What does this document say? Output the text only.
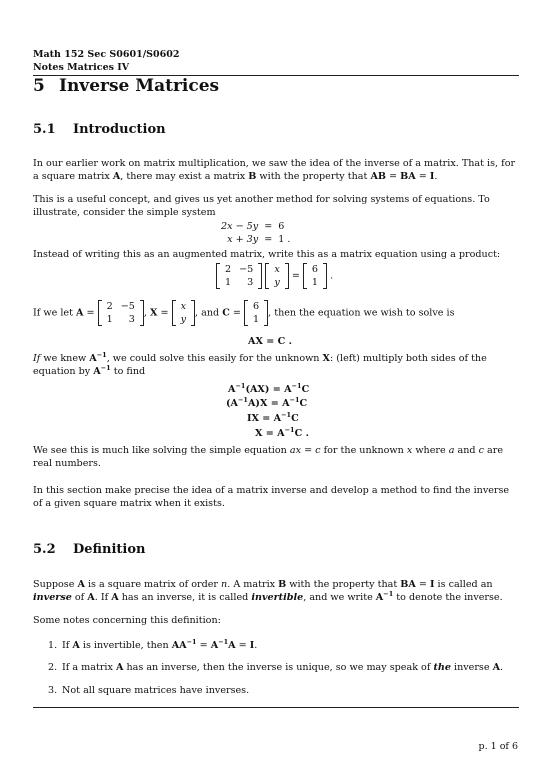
Math 152 Sec S0601/S0602
Notes Matrices IV
5 Inverse Matrices
5.1 Introduction
In our earlier work on matrix multiplication, we saw the idea of the inverse of a matrix. That is, for a square matrix A, there may exist a matrix B with the property that AB = BA = I.
This is a useful concept, and gives us yet another method for solving systems of equations. To illustrate, consider the simple system
2x − 5y	=	6
x + 3y	=	1 .
Instead of writing this as an augmented matrix, write this as a matrix equation using a product:
2	−5
1	3

x
y
=
6
1
.
If we let A =
2	−5
1	3
, X =
x
y
, and C =
6
1
, then the equation we wish to solve is
AX = C .
If we knew $A^{-1}$, we could solve this easily for the unknown X: (left) multiply both sides of the equation by $A^{-1}$ to find
$A^{-1}(AX) = A^{-1}C$
$(A^{-1}A)X = A^{-1}C$
IX = $A^{-1}C$
$X = A^{-1}C$ .
We see this is much like solving the simple equation ax = c for the unknown x where a and c are real numbers.
In this section make precise the idea of a matrix inverse and develop a method to find the inverse of a given square matrix when it exists.
5.2 Definition
Suppose A is a square matrix of order n. A matrix B with the property that BA = I is called an inverse of A. If A has an inverse, it is called invertible, and we write $A^{-1}$ to denote the inverse.
Some notes concerning this definition:
1. If A is invertible, then $AA^{-1} = A^{-1}A = I$.
2. If a matrix A has an inverse, then the inverse is unique, so we may speak of the inverse A.
3. Not all square matrices have inverses.
p. 1 of 6
